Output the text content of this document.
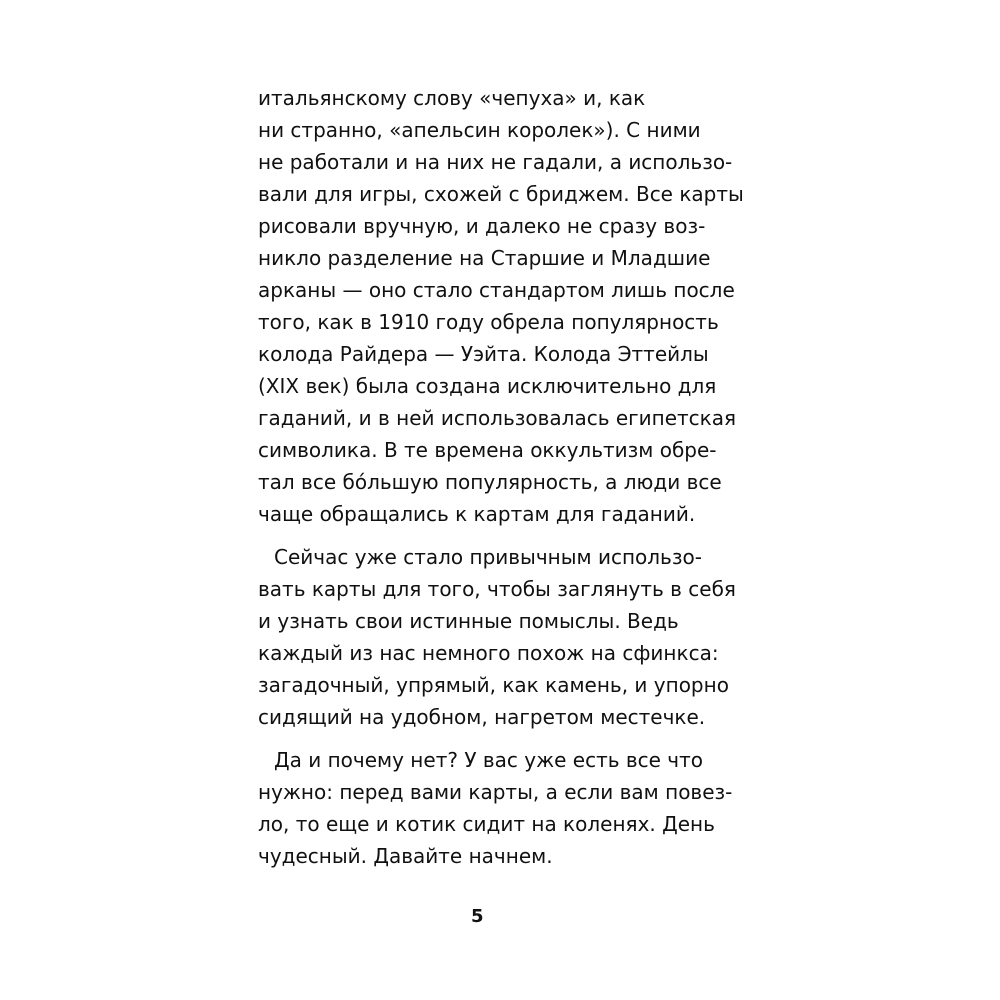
итальянскому слову «чепуха» и, как
ни странно, «апельсин королек»). С ними
не работали и на них не гадали, а использо-
вали для игры, схожей с бриджем. Все карты
рисовали вручную, и далеко не сразу воз-
никло разделение на Старшие и Младшие
арканы — оно стало стандартом лишь после
того, как в 1910 году обрела популярность
колода Райдера — Уэйта. Колода Эттейлы
(XIX век) была создана исключительно для
гаданий, и в ней использовалась египетская
символика. В те времена оккультизм обре-
тал все бо́льшую популярность, а люди все
чаще обращались к картам для гаданий.

Сейчас уже стало привычным использо-
вать карты для того, чтобы заглянуть в себя
и узнать свои истинные помыслы. Ведь
каждый из нас немного похож на сфинкса:
загадочный, упрямый, как камень, и упорно
сидящий на удобном, нагретом местечке.

Да и почему нет? У вас уже есть все что
нужно: перед вами карты, а если вам повез-
ло, то еще и котик сидит на коленях. День
чудесный. Давайте начнем.

5
